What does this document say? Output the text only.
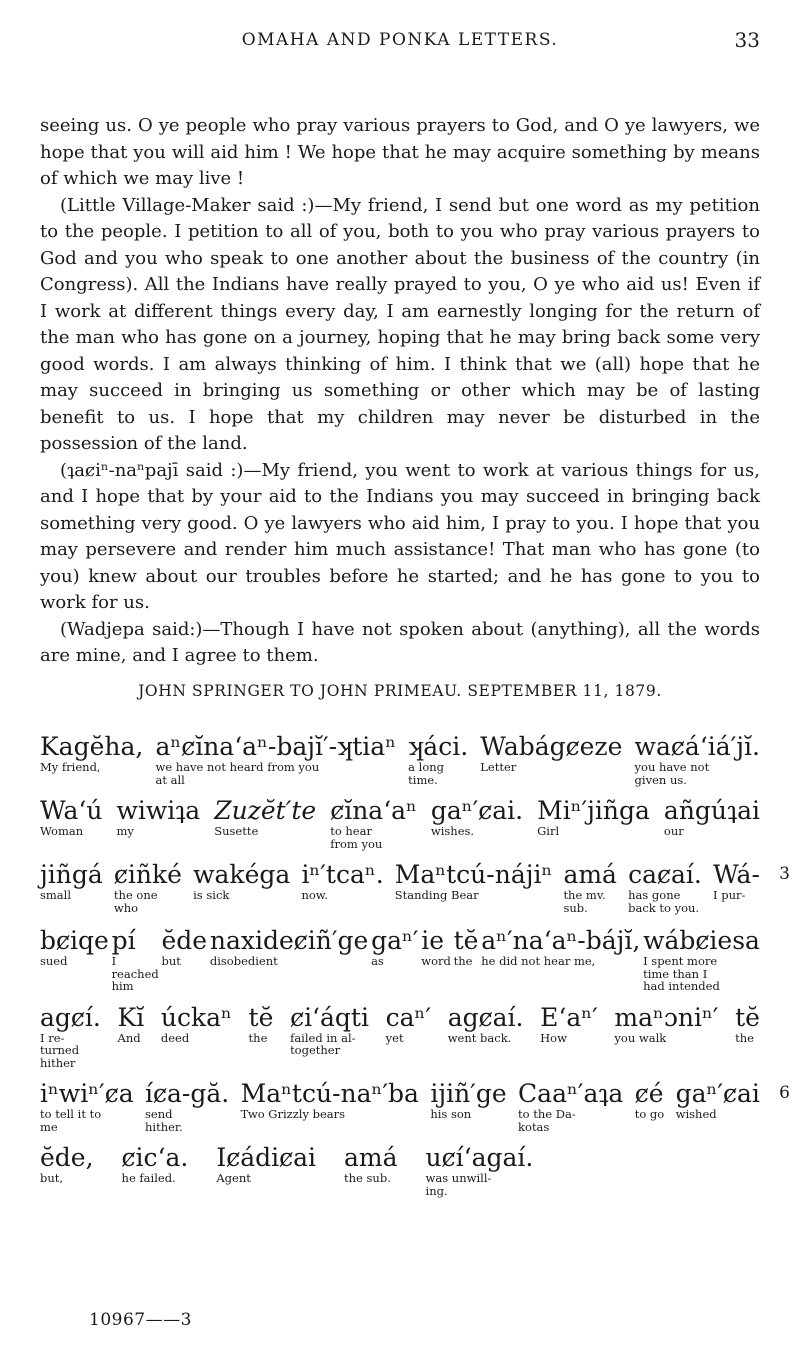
OMAHA AND PONKA LETTERS.	33

seeing us. O ye people who pray various prayers to God, and O ye lawyers, we hope that you will aid him ! We hope that he may acquire something by means of which we may live !

(Little Village-Maker said :)—My friend, I send but one word as my petition to the people. I petition to all of you, both to you who pray various prayers to God and you who speak to one another about the business of the country (in Congress). All the Indians have really prayed to you, O ye who aid us! Even if I work at different things every day, I am earnestly longing for the return of the man who has gone on a journey, hoping that he may bring back some very good words. I am always thinking of him. I think that we (all) hope that he may succeed in bringing us something or other which may be of lasting benefit to us. I hope that my children may never be disturbed in the possession of the land.

(ʇaȼiⁿ-naⁿpajī said :)—My friend, you went to work at various things for us, and I hope that by your aid to the Indians you may succeed in bringing back something very good. O ye lawyers who aid him, I pray to you. I hope that you may persevere and render him much assistance! That man who has gone (to you) knew about our troubles before he started; and he has gone to you to work for us.

(Wadjepa said:)—Though I have not spoken about (anything), all the words are mine, and I agree to them.

JOHN SPRINGER TO JOHN PRIMEAU. SEPTEMBER 11, 1879.
Kagĕha,
My friend,
aⁿȼĭna‘aⁿ-bajĭ′-ʞtiaⁿ
we have not heard from you
at all
ʞáci.
a long
time.
Wabágȼeze
Letter
waȼá‘iá′jĭ.
you have not
given us.
Wa‘ú
Woman
wiwiʇa
my
Zuzĕt′te
Susette
ȼĭna‘aⁿ
to hear
from you
gaⁿ′ȼai.
wishes.
Miⁿ′jiñga
Girl
añgúʇai
our
jiñgá
small
ȼiñké
the one
who
wakéga
is sick
iⁿ′tcaⁿ.
now.
Maⁿtcú-nájiⁿ
Standing Bear
amá
the mv.
sub.
caȼaí.
has gone
back to you.
Wá-
I pur-
bȼiqe
sued
pí
I
reached
him
ĕde
but
naxideȼiñ′ge
disobedient
gaⁿ′
as
ie
word
tĕ
the
aⁿ′na‘aⁿ-bájĭ,
he did not hear me,
wábȼiesa
I spent more
time than I
had intended
agȼí.
I re-
turned
hither
Kĭ
And
úckaⁿ
deed
tĕ
the
ȼi‘áqti
failed in al-
together
caⁿ′
yet
agȼaí.
went back.
E‘aⁿ′
How
maⁿɔniⁿ′
you walk
tĕ
the
iⁿwiⁿ′ȼa
to tell it to
me
íȼa-gă.
send
hither.
Maⁿtcú-naⁿ′ba
Two Grizzly bears
ijiñ′ge
his son
Caaⁿ′aʇa
to the Da-
kotas
ȼé
to go
gaⁿ′ȼai
wished
ĕde,
but,
ȼic‘a.
he failed.
Iȼádiȼai
Agent
amá
the sub.
uȼí‘agaí.
was unwill-
ing.
10967——3
3
6
